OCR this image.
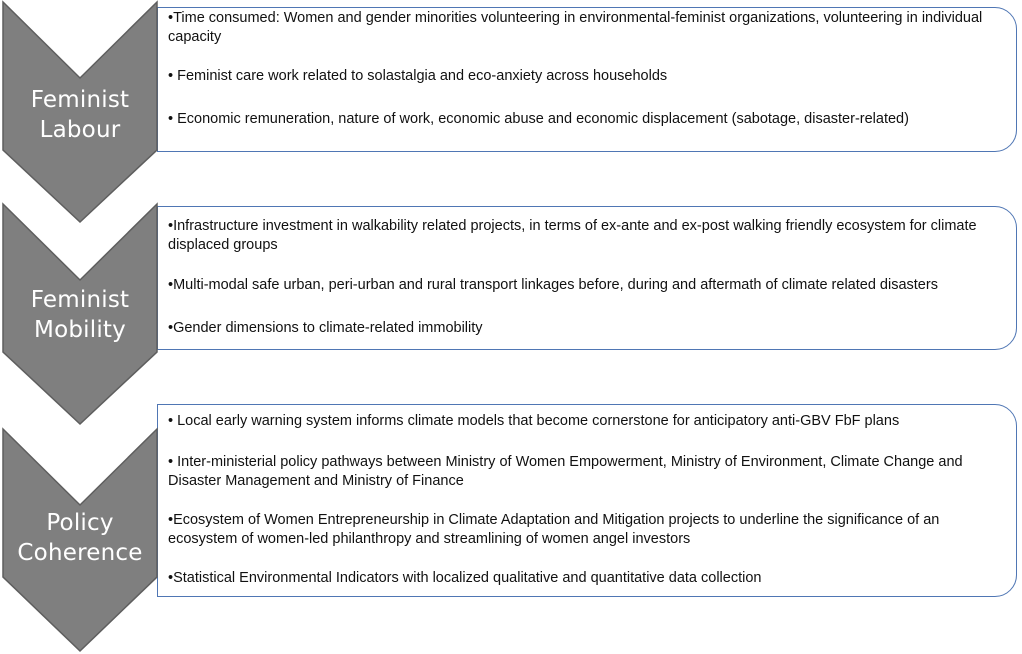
•Time consumed: Women and gender minorities volunteering in environmental-feminist organizations, volunteering in individual capacity
• Feminist care work related to solastalgia and eco-anxiety across households
• Economic remuneration, nature of work, economic abuse and economic displacement (sabotage, disaster-related)
Feminist
Labour
•Infrastructure investment in walkability related projects, in terms of ex-ante and ex-post walking friendly ecosystem for climate displaced groups
•Multi-modal safe urban, peri-urban and rural transport linkages before, during and aftermath of climate related disasters
•Gender dimensions to climate-related immobility
Feminist
Mobility
• Local early warning system informs climate models that become cornerstone for anticipatory anti-GBV FbF plans
• Inter-ministerial policy pathways between Ministry of Women Empowerment, Ministry of Environment, Climate Change and Disaster Management and Ministry of Finance
•Ecosystem of Women Entrepreneurship in Climate Adaptation and Mitigation projects to underline the significance of an ecosystem of women-led philanthropy and streamlining of women angel investors
•Statistical Environmental Indicators with localized qualitative and quantitative data collection
Policy
Coherence
